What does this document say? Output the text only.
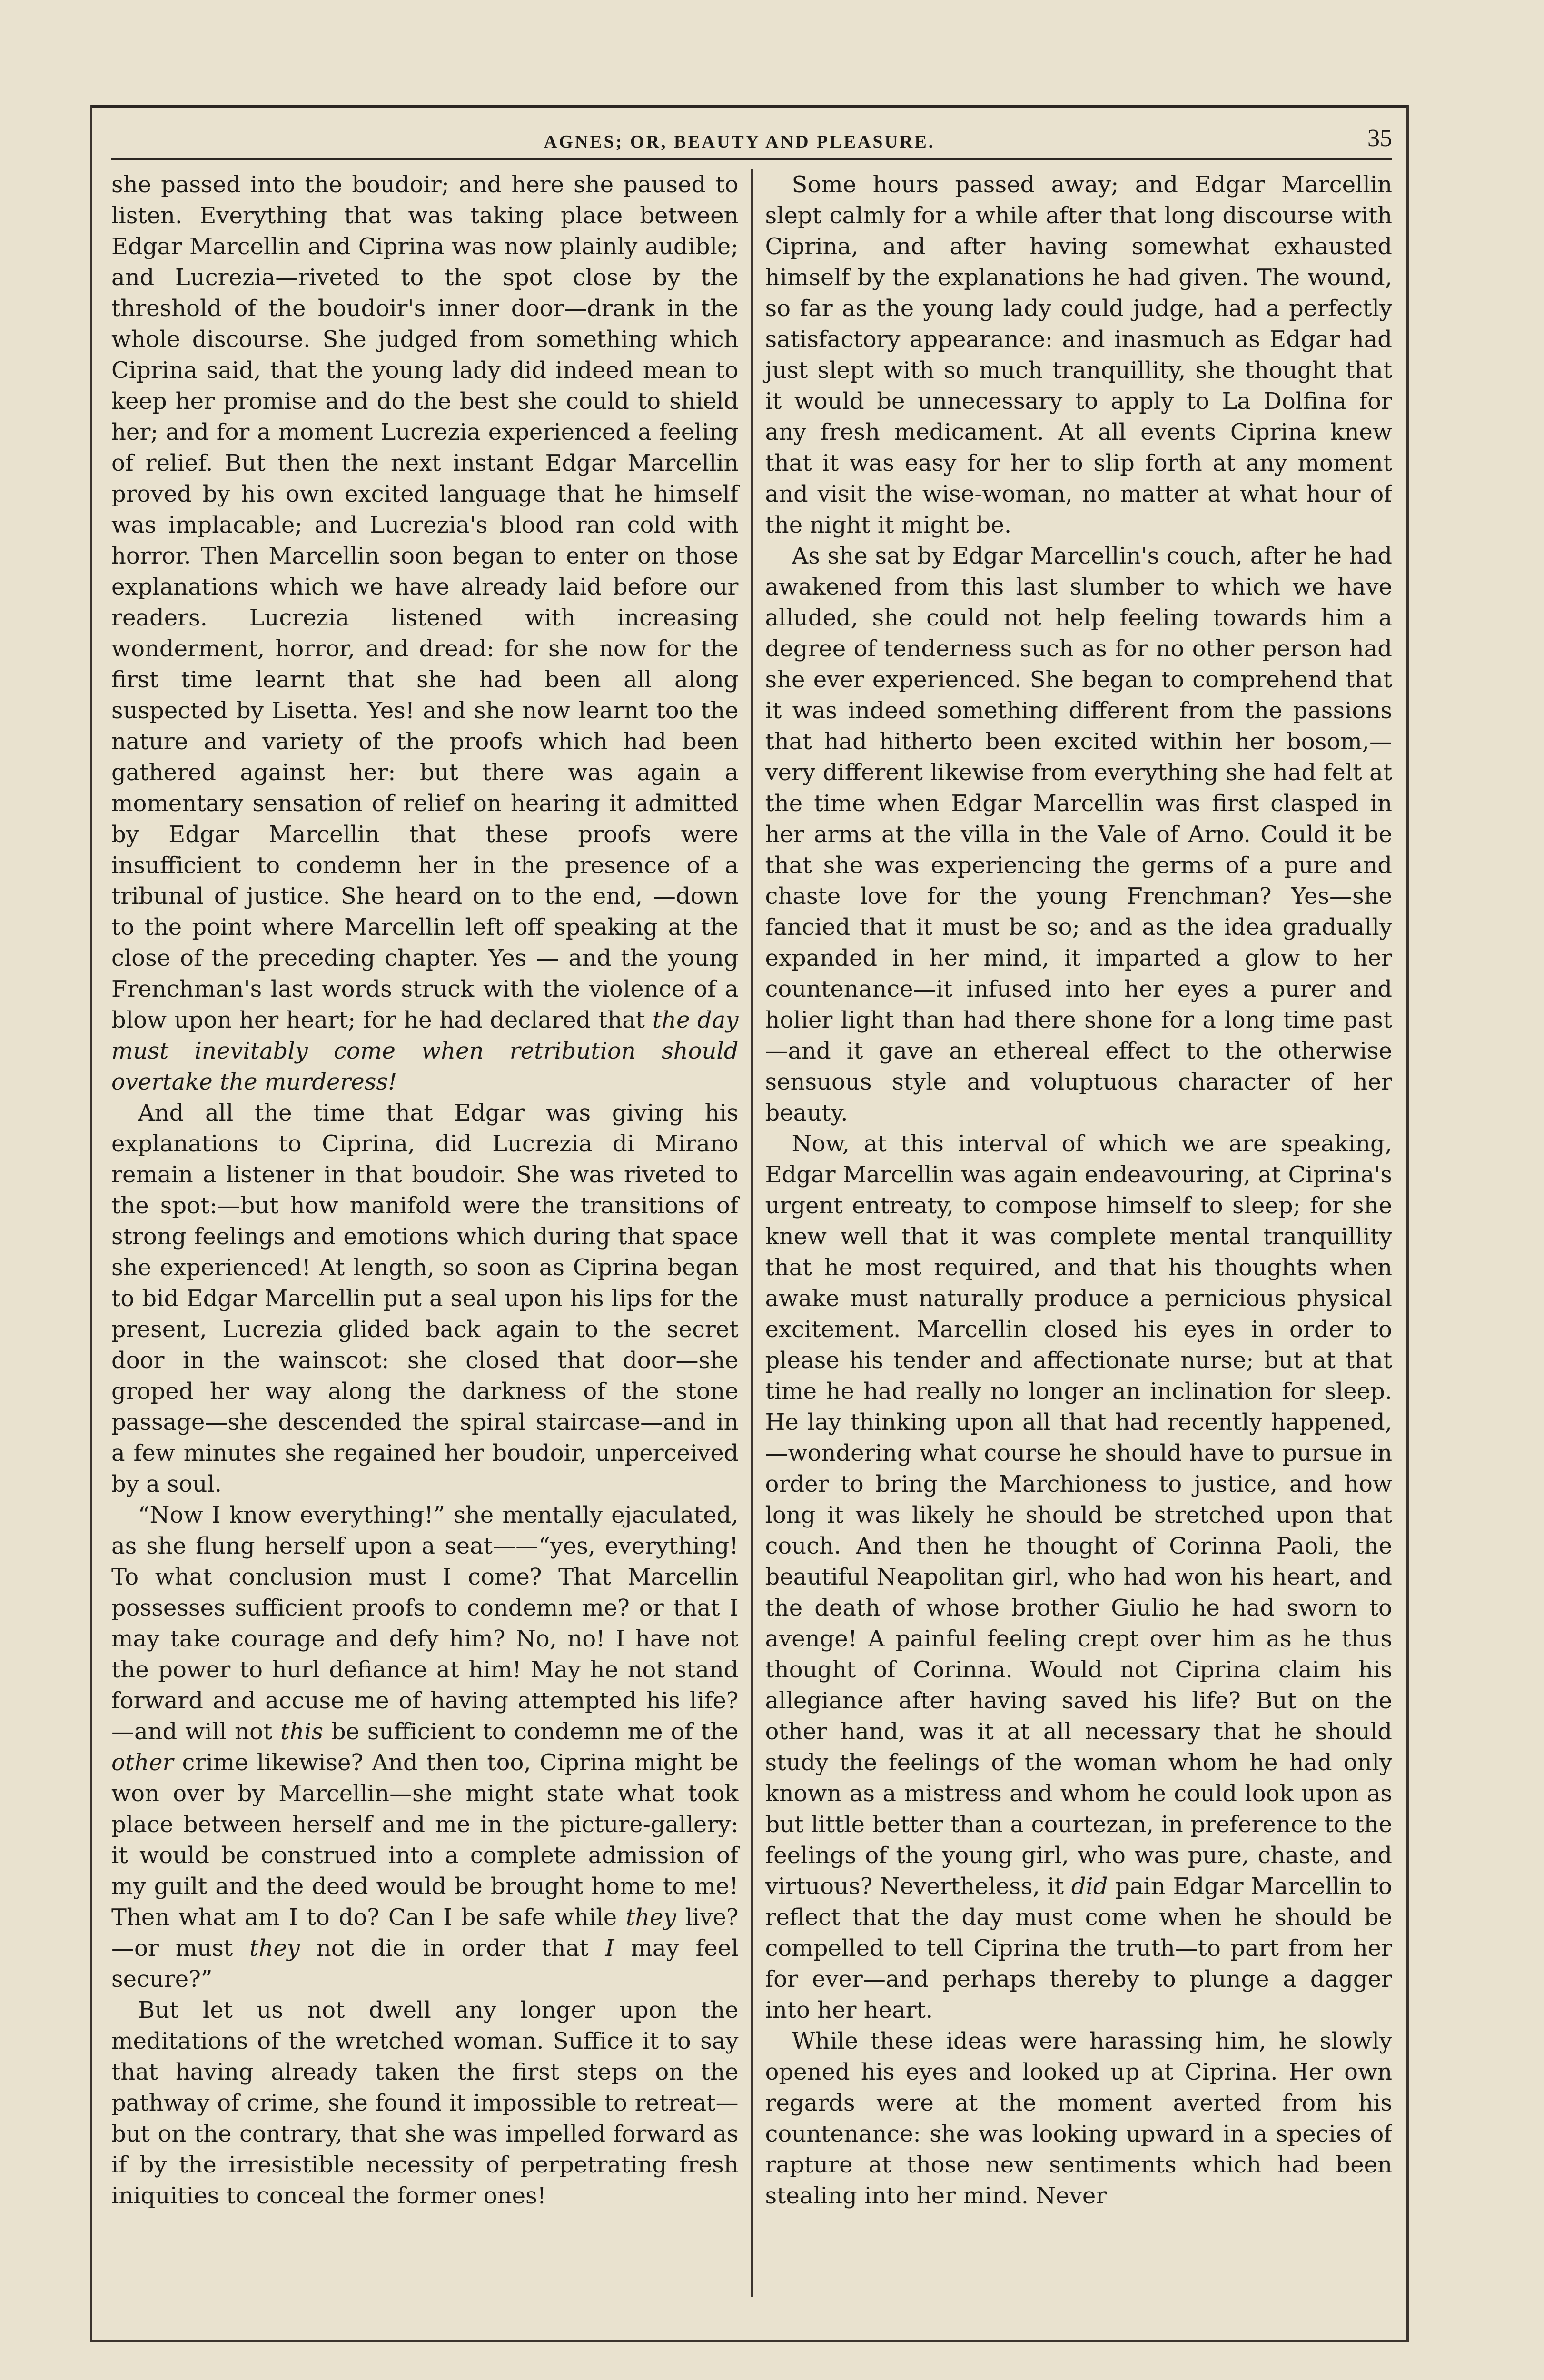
AGNES; OR, BEAUTY AND PLEASURE.	35

she passed into the boudoir; and here she paused to listen. Everything that was taking place between Edgar Marcellin and Ciprina was now plainly audible; and Lucrezia—riveted to the spot close by the threshold of the boudoir's inner door—drank in the whole discourse. She judged from something which Ciprina said, that the young lady did indeed mean to keep her promise and do the best she could to shield her; and for a moment Lucrezia experienced a feeling of relief. But then the next instant Edgar Marcellin proved by his own excited language that he himself was implacable; and Lucrezia's blood ran cold with horror. Then Marcellin soon began to enter on those explanations which we have already laid before our readers. Lucrezia listened with increasing wonderment, horror, and dread: for she now for the first time learnt that she had been all along suspected by Lisetta. Yes! and she now learnt too the nature and variety of the proofs which had been gathered against her: but there was again a momentary sensation of relief on hearing it admitted by Edgar Marcellin that these proofs were insufficient to condemn her in the presence of a tribunal of justice. She heard on to the end, —down to the point where Marcellin left off speaking at the close of the preceding chapter. Yes — and the young Frenchman's last words struck with the violence of a blow upon her heart; for he had declared that the day must inevitably come when retribution should overtake the murderess!

And all the time that Edgar was giving his explanations to Ciprina, did Lucrezia di Mirano remain a listener in that boudoir. She was riveted to the spot:—but how manifold were the transitions of strong feelings and emotions which during that space she experienced! At length, so soon as Ciprina began to bid Edgar Marcellin put a seal upon his lips for the present, Lucrezia glided back again to the secret door in the wainscot: she closed that door—she groped her way along the darkness of the stone passage—she descended the spiral staircase—and in a few minutes she regained her boudoir, unperceived by a soul.

“Now I know everything!” she mentally ejaculated, as she flung herself upon a seat——“yes, everything! To what conclusion must I come? That Marcellin possesses sufficient proofs to condemn me? or that I may take courage and defy him? No, no! I have not the power to hurl defiance at him! May he not stand forward and accuse me of having attempted his life?—and will not this be sufficient to condemn me of the other crime likewise? And then too, Ciprina might be won over by Marcellin—she might state what took place between herself and me in the picture-gallery: it would be construed into a complete admission of my guilt and the deed would be brought home to me! Then what am I to do? Can I be safe while they live?—or must they not die in order that I may feel secure?”

But let us not dwell any longer upon the meditations of the wretched woman. Suffice it to say that having already taken the first steps on the pathway of crime, she found it impossible to retreat—but on the contrary, that she was impelled forward as if by the irresistible necessity of perpetrating fresh iniquities to conceal the former ones!

Some hours passed away; and Edgar Marcellin slept calmly for a while after that long discourse with Ciprina, and after having somewhat exhausted himself by the explanations he had given. The wound, so far as the young lady could judge, had a perfectly satisfactory appearance: and inasmuch as Edgar had just slept with so much tranquillity, she thought that it would be unnecessary to apply to La Dolfina for any fresh medicament. At all events Ciprina knew that it was easy for her to slip forth at any moment and visit the wise-woman, no matter at what hour of the night it might be.

As she sat by Edgar Marcellin's couch, after he had awakened from this last slumber to which we have alluded, she could not help feeling towards him a degree of tenderness such as for no other person had she ever experienced. She began to comprehend that it was indeed something different from the passions that had hitherto been excited within her bosom,—very different likewise from everything she had felt at the time when Edgar Marcellin was first clasped in her arms at the villa in the Vale of Arno. Could it be that she was experiencing the germs of a pure and chaste love for the young Frenchman? Yes—she fancied that it must be so; and as the idea gradually expanded in her mind, it imparted a glow to her countenance—it infused into her eyes a purer and holier light than had there shone for a long time past—and it gave an ethereal effect to the otherwise sensuous style and voluptuous character of her beauty.

Now, at this interval of which we are speaking, Edgar Marcellin was again endeavouring, at Ciprina's urgent entreaty, to compose himself to sleep; for she knew well that it was complete mental tranquillity that he most required, and that his thoughts when awake must naturally produce a pernicious physical excitement. Marcellin closed his eyes in order to please his tender and affectionate nurse; but at that time he had really no longer an inclination for sleep. He lay thinking upon all that had recently happened,—wondering what course he should have to pursue in order to bring the Marchioness to justice, and how long it was likely he should be stretched upon that couch. And then he thought of Corinna Paoli, the beautiful Neapolitan girl, who had won his heart, and the death of whose brother Giulio he had sworn to avenge! A painful feeling crept over him as he thus thought of Corinna. Would not Ciprina claim his allegiance after having saved his life? But on the other hand, was it at all necessary that he should study the feelings of the woman whom he had only known as a mistress and whom he could look upon as but little better than a courtezan, in preference to the feelings of the young girl, who was pure, chaste, and virtuous? Nevertheless, it did pain Edgar Marcellin to reflect that the day must come when he should be compelled to tell Ciprina the truth—to part from her for ever—and perhaps thereby to plunge a dagger into her heart.

While these ideas were harassing him, he slowly opened his eyes and looked up at Ciprina. Her own regards were at the moment averted from his countenance: she was looking upward in a species of rapture at those new sentiments which had been stealing into her mind. Never
